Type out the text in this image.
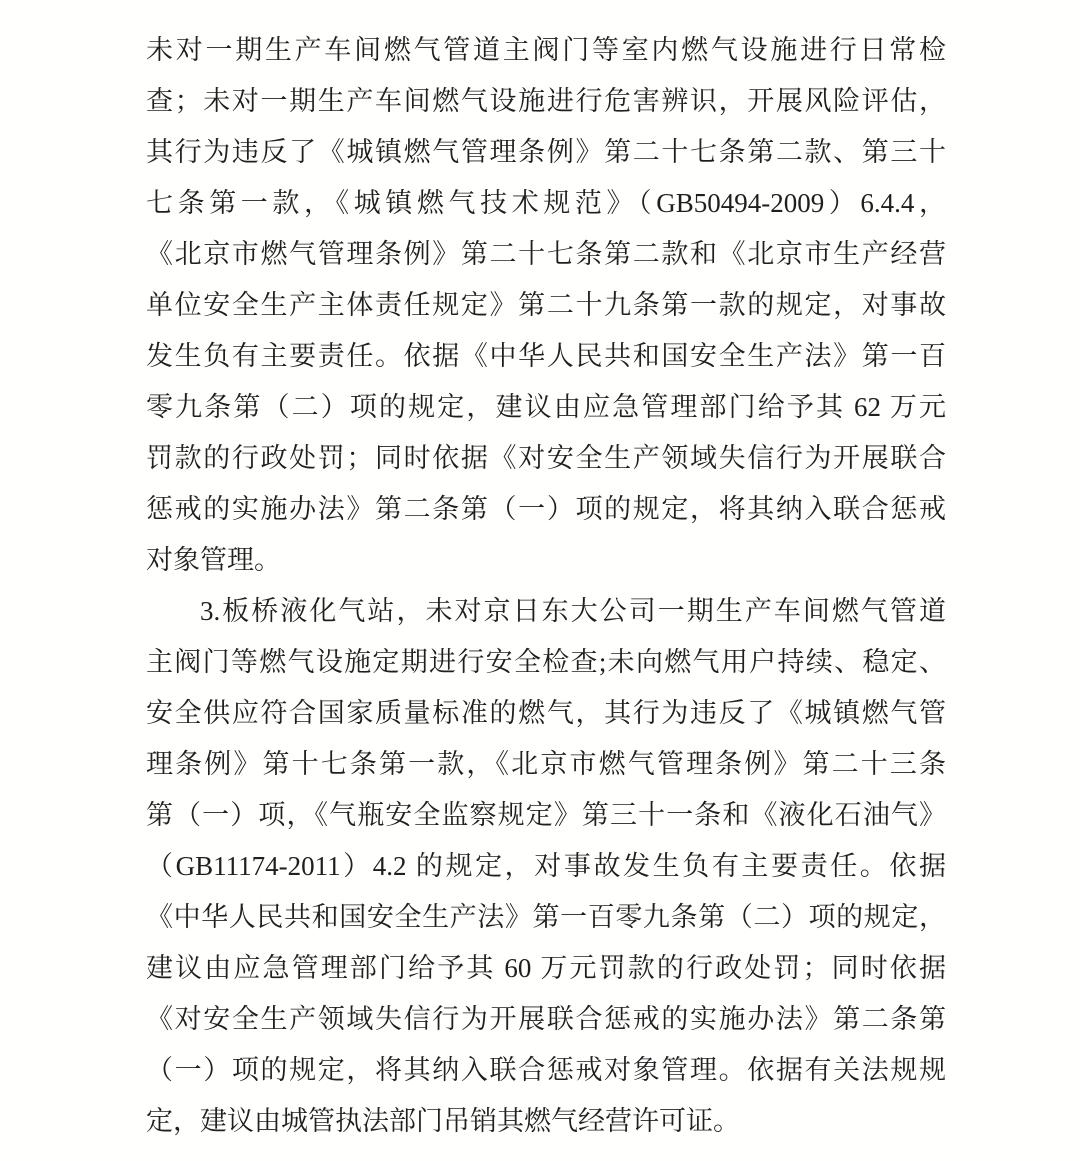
未对一期生产车间燃气管道主阀门等室内燃气设施进行日常检
查；未对一期生产车间燃气设施进行危害辨识，开展风险评估，
其行为违反了《城镇燃气管理条例》第二十七条第二款、第三十
七条第一款，《城镇燃气技术规范》（GB50494-2009）6.4.4，
《北京市燃气管理条例》第二十七条第二款和《北京市生产经营
单位安全生产主体责任规定》第二十九条第一款的规定，对事故
发生负有主要责任。依据《中华人民共和国安全生产法》第一百
零九条第（二）项的规定，建议由应急管理部门给予其 62 万元
罚款的行政处罚；同时依据《对安全生产领域失信行为开展联合
惩戒的实施办法》第二条第（一）项的规定，将其纳入联合惩戒
对象管理。
3.板桥液化气站，未对京日东大公司一期生产车间燃气管道
主阀门等燃气设施定期进行安全检查;未向燃气用户持续、稳定、
安全供应符合国家质量标准的燃气，其行为违反了《城镇燃气管
理条例》第十七条第一款，《北京市燃气管理条例》第二十三条
第（一）项，《气瓶安全监察规定》第三十一条和《液化石油气》
（GB11174-2011）4.2 的规定，对事故发生负有主要责任。依据
《中华人民共和国安全生产法》第一百零九条第（二）项的规定，
建议由应急管理部门给予其 60 万元罚款的行政处罚；同时依据
《对安全生产领域失信行为开展联合惩戒的实施办法》第二条第
（一）项的规定，将其纳入联合惩戒对象管理。依据有关法规规
定，建议由城管执法部门吊销其燃气经营许可证。
